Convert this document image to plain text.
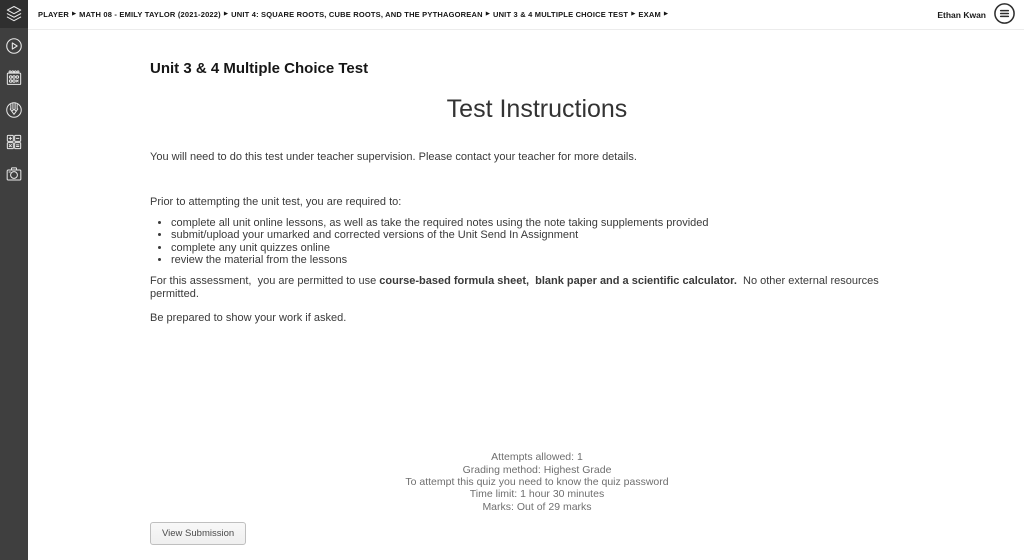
PLAYER ▶ MATH 08 - EMILY TAYLOR (2021-2022) ▶ UNIT 4: SQUARE ROOTS, CUBE ROOTS, AND THE PYTHAGOREAN ▶ UNIT 3 & 4 MULTIPLE CHOICE TEST ▶ EXAM ▶	Ethan Kwan
Unit 3 & 4 Multiple Choice Test
Test Instructions

You will need to do this test under teacher supervision. Please contact your teacher for more details.

Prior to attempting the unit test, you are required to:

• complete all unit online lessons, as well as take the required notes using the note taking supplements provided
• submit/upload your umarked and corrected versions of the Unit Send In Assignment
• complete any unit quizzes online
• review the material from the lessons

For this assessment,  you are permitted to use course-based formula sheet,  blank paper and a scientific calculator.  No other external resources permitted.

Be prepared to show your work if asked.

Attempts allowed: 1
Grading method: Highest Grade
To attempt this quiz you need to know the quiz password
Time limit: 1 hour 30 minutes
Marks: Out of 29 marks
View Submission
